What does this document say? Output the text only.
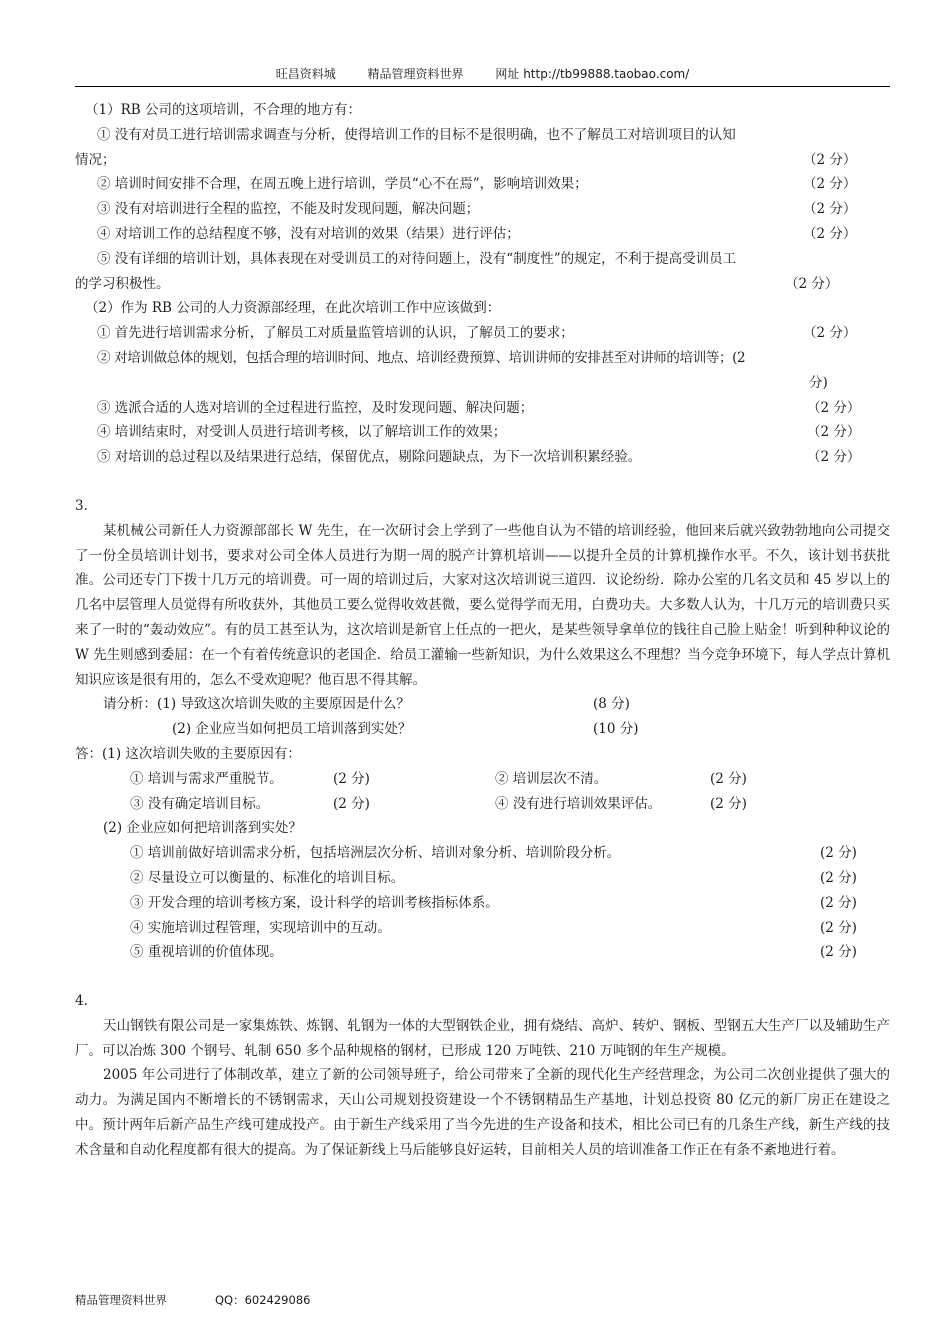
旺昌资料城	精品管理资料世界	网址 http://tb99888.taobao.com/
（1）RB 公司的这项培训，不合理的地方有：
① 没有对员工进行培训需求调查与分析，使得培训工作的目标不是很明确，也不了解员工对培训项目的认知
情况；	（2 分）
② 培训时间安排不合理，在周五晚上进行培训，学员“心不在焉”，影响培训效果；	（2 分）
③ 没有对培训进行全程的监控，不能及时发现问题，解决问题；	（2 分）
④ 对培训工作的总结程度不够，没有对培训的效果（结果）进行评估；	（2 分）
⑤ 没有详细的培训计划，具体表现在对受训员工的对待问题上，没有“制度性”的规定，不利于提高受训员工
的学习积极性。	（2 分）
（2）作为 RB 公司的人力资源部经理，在此次培训工作中应该做到：
① 首先进行培训需求分析，了解员工对质量监管培训的认识，了解员工的要求；	（2 分）
② 对培训做总体的规划，包括合理的培训时间、地点、培训经费预算、培训讲师的安排甚至对讲师的培训等；(2
分)
③ 选派合适的人选对培训的全过程进行监控，及时发现问题、解决问题；	（2 分）
④ 培训结束时，对受训人员进行培训考核，以了解培训工作的效果；	（2 分）
⑤ 对培训的总过程以及结果进行总结，保留优点，剔除问题缺点，为下一次培训积累经验。	（2 分）
3.
某机械公司新任人力资源部部长 W 先生，在一次研讨会上学到了一些他自认为不错的培训经验，他回来后就兴致勃勃地向公司提交了一份全员培训计划书，要求对公司全体人员进行为期一周的脱产计算机培训——以提升全员的计算机操作水平。不久，该计划书获批准。公司还专门下拨十几万元的培训费。可一周的培训过后，大家对这次培训说三道四．议论纷纷．除办公室的几名文员和 45 岁以上的几名中层管理人员觉得有所收获外，其他员工要么觉得收效甚微，要么觉得学而无用，白费功夫。大多数人认为，十几万元的培训费只买来了一时的“轰动效应”。有的员工甚至认为，这次培训是新官上任点的一把火，是某些领导拿单位的钱往自己脸上贴金！听到种种议论的 W 先生则感到委屈：在一个有着传统意识的老国企．给员工灌输一些新知识，为什么效果这么不理想？当今竞争环境下，每人学点计算机知识应该是很有用的，怎么不受欢迎呢？他百思不得其解。
请分析：(1) 导致这次培训失败的主要原因是什么？	(8 分)
(2) 企业应当如何把员工培训落到实处？	(10 分)
答：(1) 这次培训失败的主要原因有：
① 培训与需求严重脱节。	(2 分)	② 培训层次不清。	(2 分)
③ 没有确定培训目标。	(2 分)	④ 没有进行培训效果评估。	(2 分)
(2) 企业应如何把培训落到实处？
① 培训前做好培训需求分析，包括培洲层次分析、培训对象分析、培训阶段分析。	(2 分)
② 尽量设立可以衡量的、标准化的培训目标。	(2 分)
③ 开发合理的培训考核方案，设计科学的培训考核指标体系。	(2 分)
④ 实施培训过程管理，实现培训中的互动。	(2 分)
⑤ 重视培训的价值体现。	(2 分)
4.
天山钢铁有限公司是一家集炼铁、炼钢、轧钢为一体的大型钢铁企业，拥有烧结、高炉、转炉、钢板、型钢五大生产厂以及辅助生产厂。可以冶炼 300 个钢号、轧制 650 多个品种规格的钢材，已形成 120 万吨铁、210 万吨钢的年生产规模。
2005 年公司进行了体制改革，建立了新的公司领导班子，给公司带来了全新的现代化生产经营理念，为公司二次创业提供了强大的动力。为满足国内不断增长的不锈钢需求，天山公司规划投资建设一个不锈钢精品生产基地，计划总投资 80 亿元的新厂房正在建设之中。预计两年后新产品生产线可建成投产。由于新生产线采用了当今先进的生产设备和技术，相比公司已有的几条生产线，新生产线的技术含量和自动化程度都有很大的提高。为了保证新线上马后能够良好运转，目前相关人员的培训准备工作正在有条不紊地进行着。
精品管理资料世界	QQ：602429086
